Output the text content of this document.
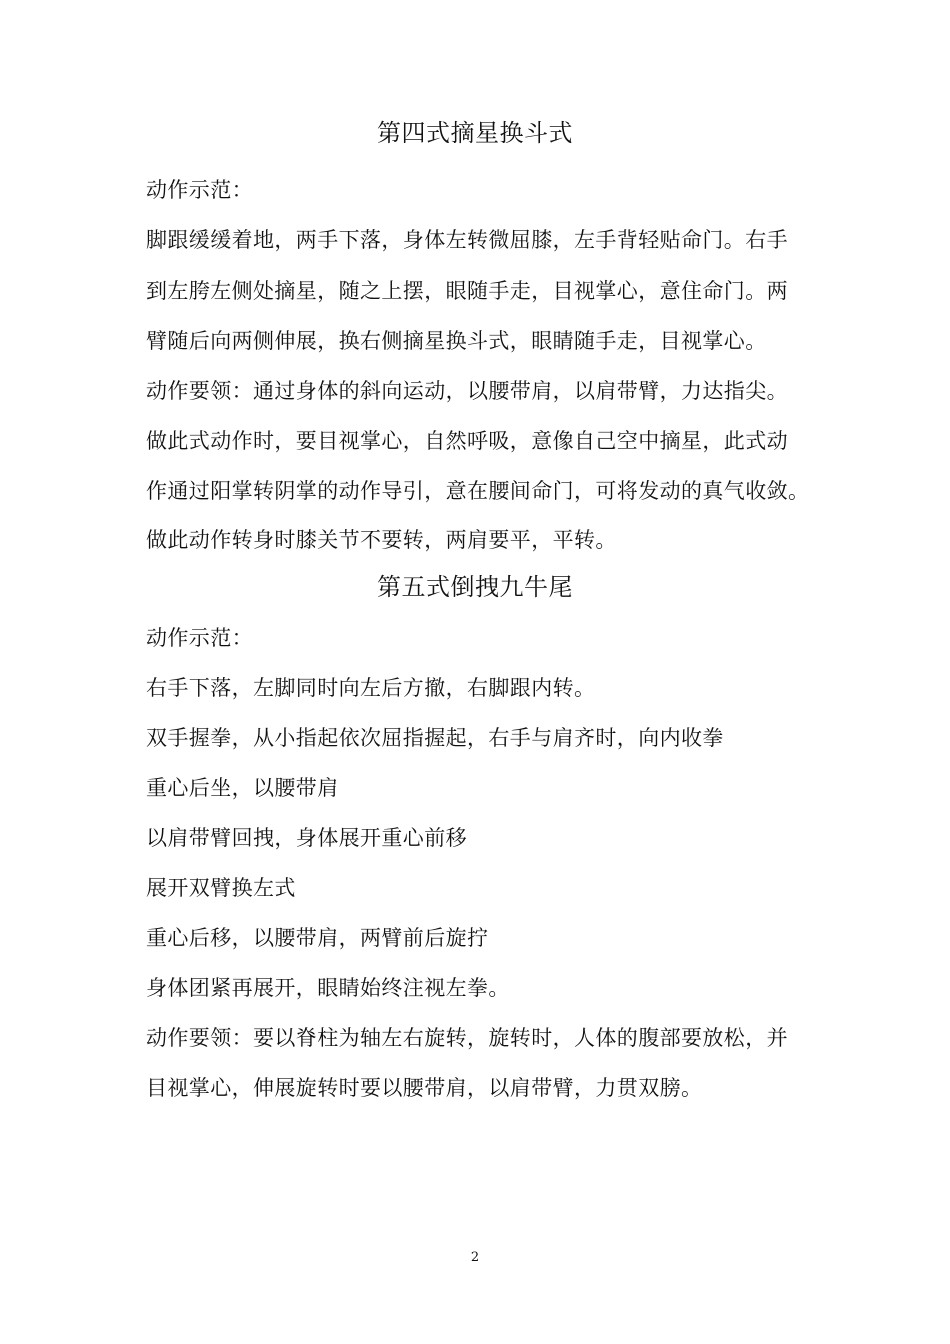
第四式摘星换斗式
动作示范：
脚跟缓缓着地，两手下落，身体左转微屈膝，左手背轻贴命门。右手
到左胯左侧处摘星，随之上摆，眼随手走，目视掌心，意住命门。两
臂随后向两侧伸展，换右侧摘星换斗式，眼睛随手走，目视掌心。
动作要领：通过身体的斜向运动，以腰带肩，以肩带臂，力达指尖。
做此式动作时，要目视掌心，自然呼吸，意像自己空中摘星，此式动
作通过阳掌转阴掌的动作导引，意在腰间命门，可将发动的真气收敛。
做此动作转身时膝关节不要转，两肩要平，平转。
第五式倒拽九牛尾
动作示范：
右手下落，左脚同时向左后方撤，右脚跟内转。
双手握拳，从小指起依次屈指握起，右手与肩齐时，向内收拳
重心后坐，以腰带肩
以肩带臂回拽，身体展开重心前移
展开双臂换左式
重心后移，以腰带肩，两臂前后旋拧
身体团紧再展开，眼睛始终注视左拳。
动作要领：要以脊柱为轴左右旋转，旋转时，人体的腹部要放松，并
目视掌心，伸展旋转时要以腰带肩，以肩带臂，力贯双膀。
2
